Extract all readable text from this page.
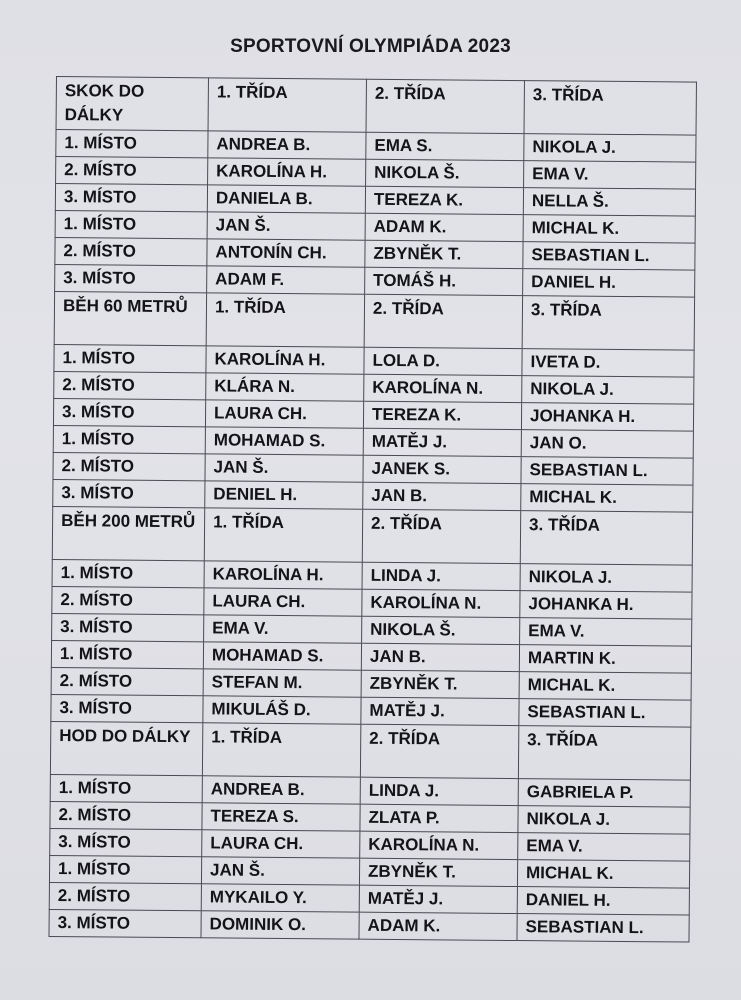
SPORTOVNÍ OLYMPIÁDA 2023
SKOK DO DÁLKY	1. TŘÍDA	2. TŘÍDA	3. TŘÍDA
1. MÍSTO	ANDREA B.	EMA S.	NIKOLA J.
2. MÍSTO	KAROLÍNA H.	NIKOLA Š.	EMA V.
3. MÍSTO	DANIELA B.	TEREZA K.	NELLA Š.
1. MÍSTO	JAN Š.	ADAM K.	MICHAL K.
2. MÍSTO	ANTONÍN CH.	ZBYNĚK T.	SEBASTIAN L.
3. MÍSTO	ADAM F.	TOMÁŠ H.	DANIEL H.
BĚH 60 METRŮ	1. TŘÍDA	2. TŘÍDA	3. TŘÍDA
1. MÍSTO	KAROLÍNA H.	LOLA D.	IVETA D.
2. MÍSTO	KLÁRA N.	KAROLÍNA N.	NIKOLA J.
3. MÍSTO	LAURA CH.	TEREZA K.	JOHANKA H.
1. MÍSTO	MOHAMAD S.	MATĚJ J.	JAN O.
2. MÍSTO	JAN Š.	JANEK S.	SEBASTIAN L.
3. MÍSTO	DENIEL H.	JAN B.	MICHAL K.
BĚH 200 METRŮ	1. TŘÍDA	2. TŘÍDA	3. TŘÍDA
1. MÍSTO	KAROLÍNA H.	LINDA J.	NIKOLA J.
2. MÍSTO	LAURA CH.	KAROLÍNA N.	JOHANKA H.
3. MÍSTO	EMA V.	NIKOLA Š.	EMA V.
1. MÍSTO	MOHAMAD S.	JAN B.	MARTIN K.
2. MÍSTO	STEFAN M.	ZBYNĚK T.	MICHAL K.
3. MÍSTO	MIKULÁŠ D.	MATĚJ J.	SEBASTIAN L.
HOD DO DÁLKY	1. TŘÍDA	2. TŘÍDA	3. TŘÍDA
1. MÍSTO	ANDREA B.	LINDA J.	GABRIELA P.
2. MÍSTO	TEREZA S.	ZLATA P.	NIKOLA J.
3. MÍSTO	LAURA CH.	KAROLÍNA N.	EMA V.
1. MÍSTO	JAN Š.	ZBYNĚK T.	MICHAL K.
2. MÍSTO	MYKAILO Y.	MATĚJ J.	DANIEL H.
3. MÍSTO	DOMINIK O.	ADAM K.	SEBASTIAN L.
